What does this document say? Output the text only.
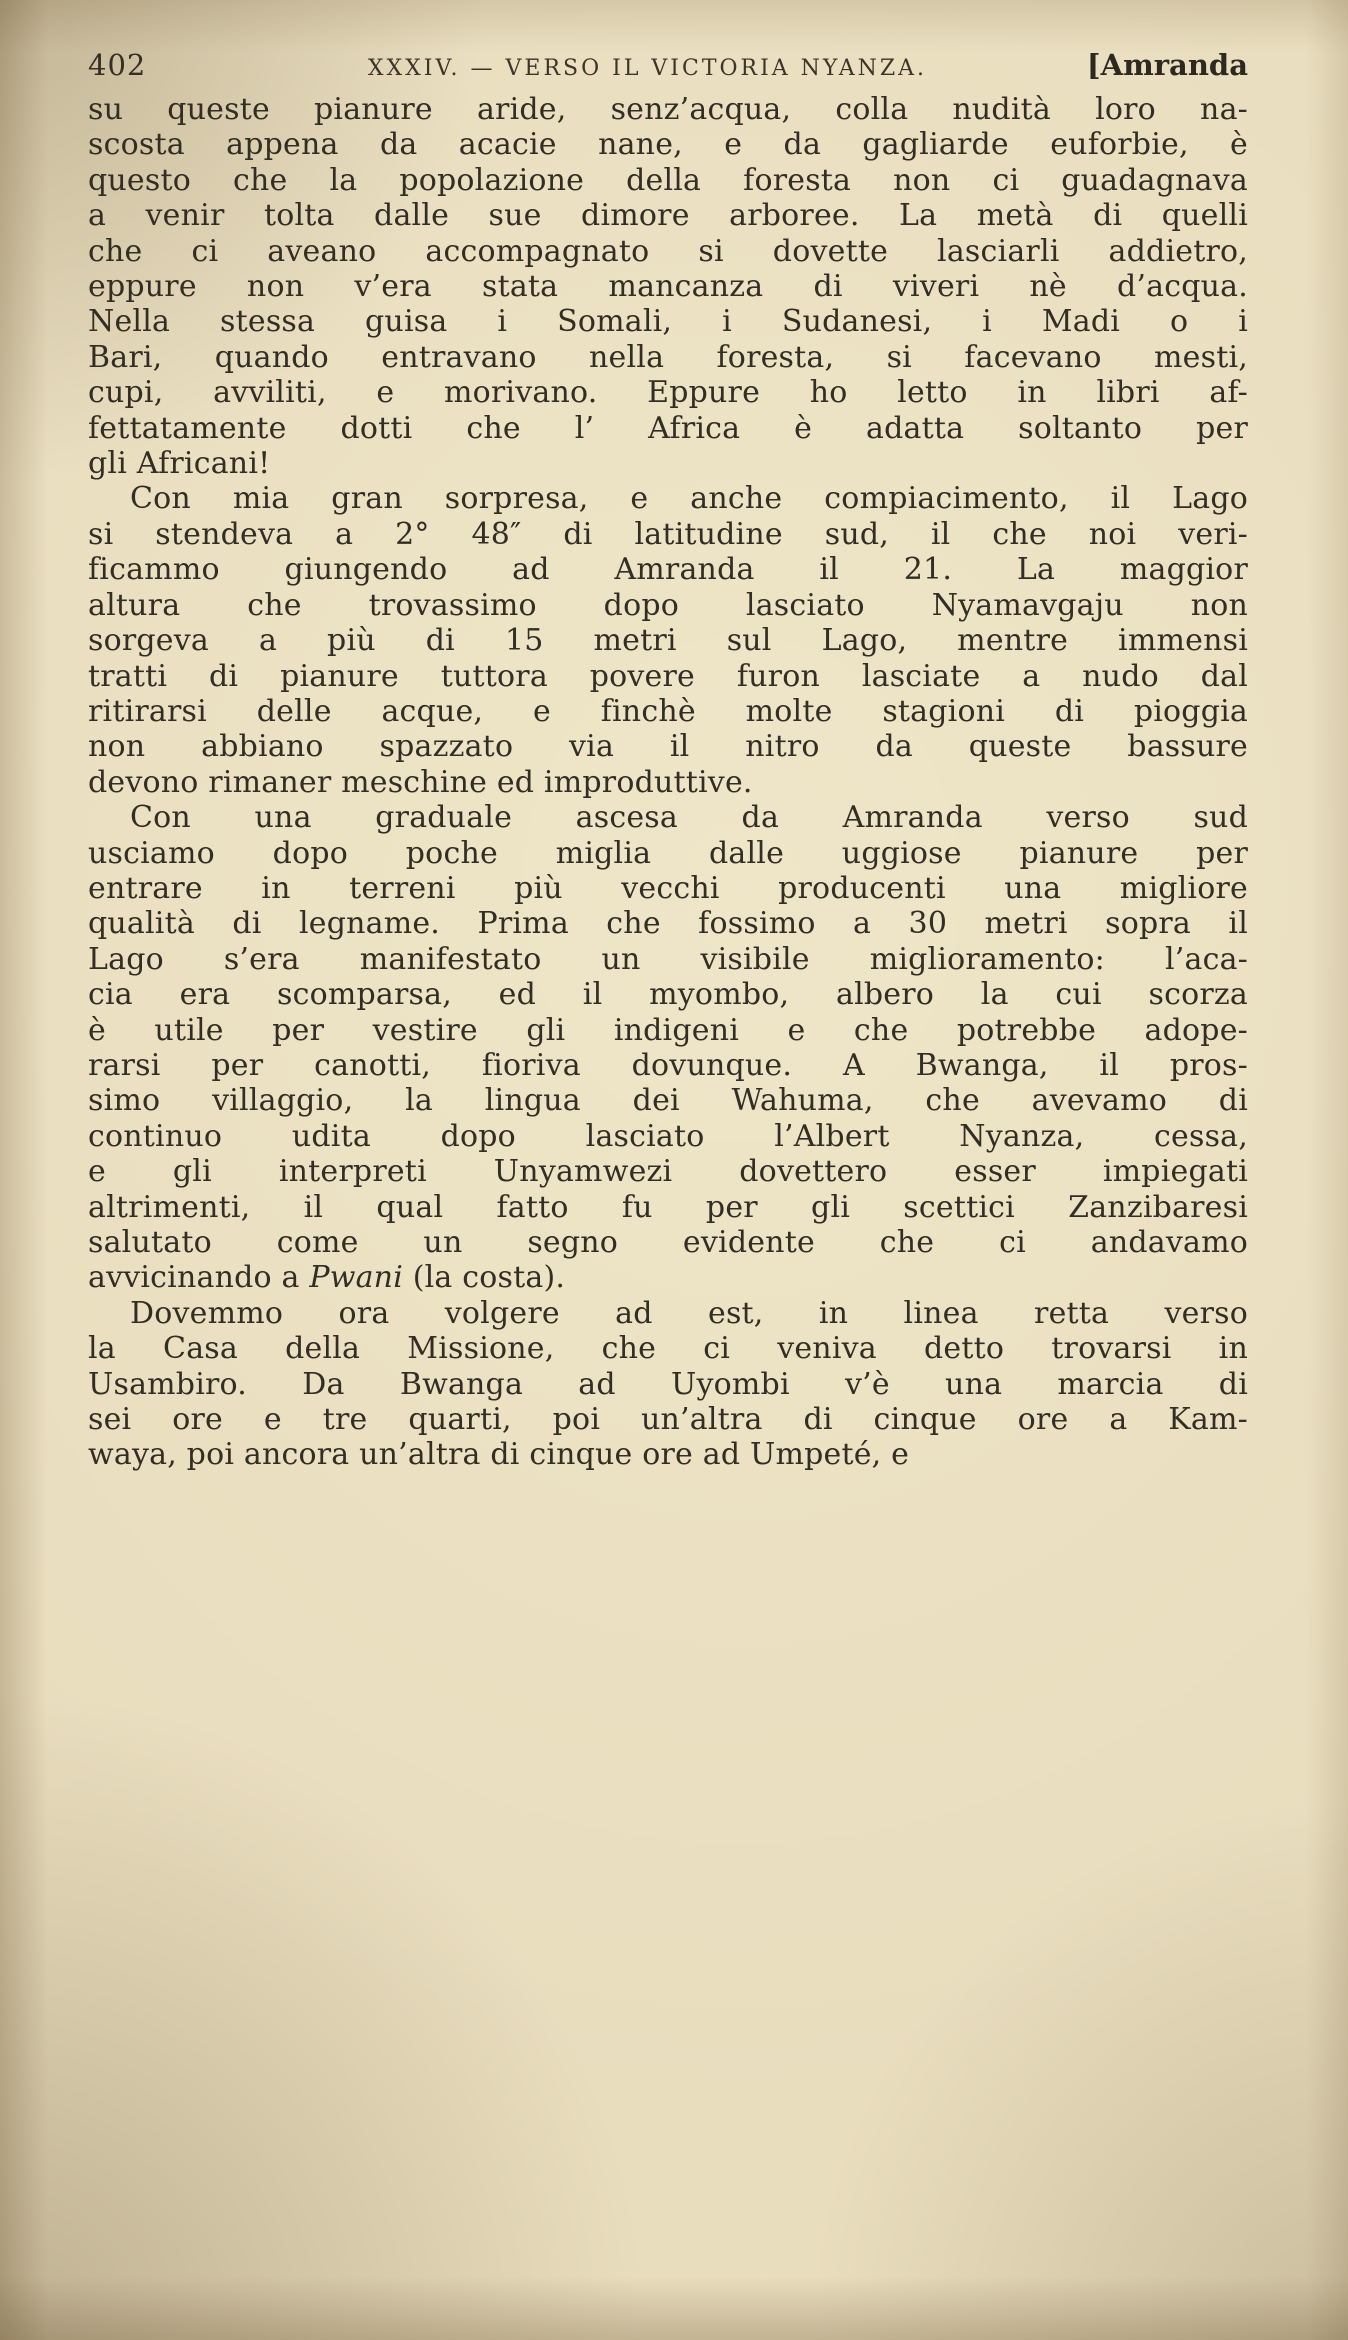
402	XXXIV. — VERSO IL VICTORIA NYANZA.	[Amranda
su queste pianure aride, senz’acqua, colla nudità loro na-
scosta appena da acacie nane, e da gagliarde euforbie, è
questo che la popolazione della foresta non ci guadagnava
a venir tolta dalle sue dimore arboree. La metà di quelli
che ci aveano accompagnato si dovette lasciarli addietro,
eppure non v’era stata mancanza di viveri nè d’acqua.
Nella stessa guisa i Somali, i Sudanesi, i Madi o i
Bari, quando entravano nella foresta, si facevano mesti,
cupi, avviliti, e morivano. Eppure ho letto in libri af-
fettatamente dotti che l’ Africa è adatta soltanto per
gli Africani!
Con mia gran sorpresa, e anche compiacimento, il Lago
si stendeva a 2° 48″ di latitudine sud, il che noi veri-
ficammo giungendo ad Amranda il 21. La maggior
altura che trovassimo dopo lasciato Nyamavgaju non
sorgeva a più di 15 metri sul Lago, mentre immensi
tratti di pianure tuttora povere furon lasciate a nudo dal
ritirarsi delle acque, e finchè molte stagioni di pioggia
non abbiano spazzato via il nitro da queste bassure
devono rimaner meschine ed improduttive.
Con una graduale ascesa da Amranda verso sud
usciamo dopo poche miglia dalle uggiose pianure per
entrare in terreni più vecchi producenti una migliore
qualità di legname. Prima che fossimo a 30 metri sopra il
Lago s’era manifestato un visibile miglioramento: l’aca-
cia era scomparsa, ed il myombo, albero la cui scorza
è utile per vestire gli indigeni e che potrebbe adope-
rarsi per canotti, fioriva dovunque. A Bwanga, il pros-
simo villaggio, la lingua dei Wahuma, che avevamo di
continuo udita dopo lasciato l’Albert Nyanza, cessa,
e gli interpreti Unyamwezi dovettero esser impiegati
altrimenti, il qual fatto fu per gli scettici Zanzibaresi
salutato come un segno evidente che ci andavamo
avvicinando a Pwani (la costa).
Dovemmo ora volgere ad est, in linea retta verso
la Casa della Missione, che ci veniva detto trovarsi in
Usambiro. Da Bwanga ad Uyombi v’è una marcia di
sei ore e tre quarti, poi un’altra di cinque ore a Kam-
waya, poi ancora un’altra di cinque ore ad Umpeté, e
